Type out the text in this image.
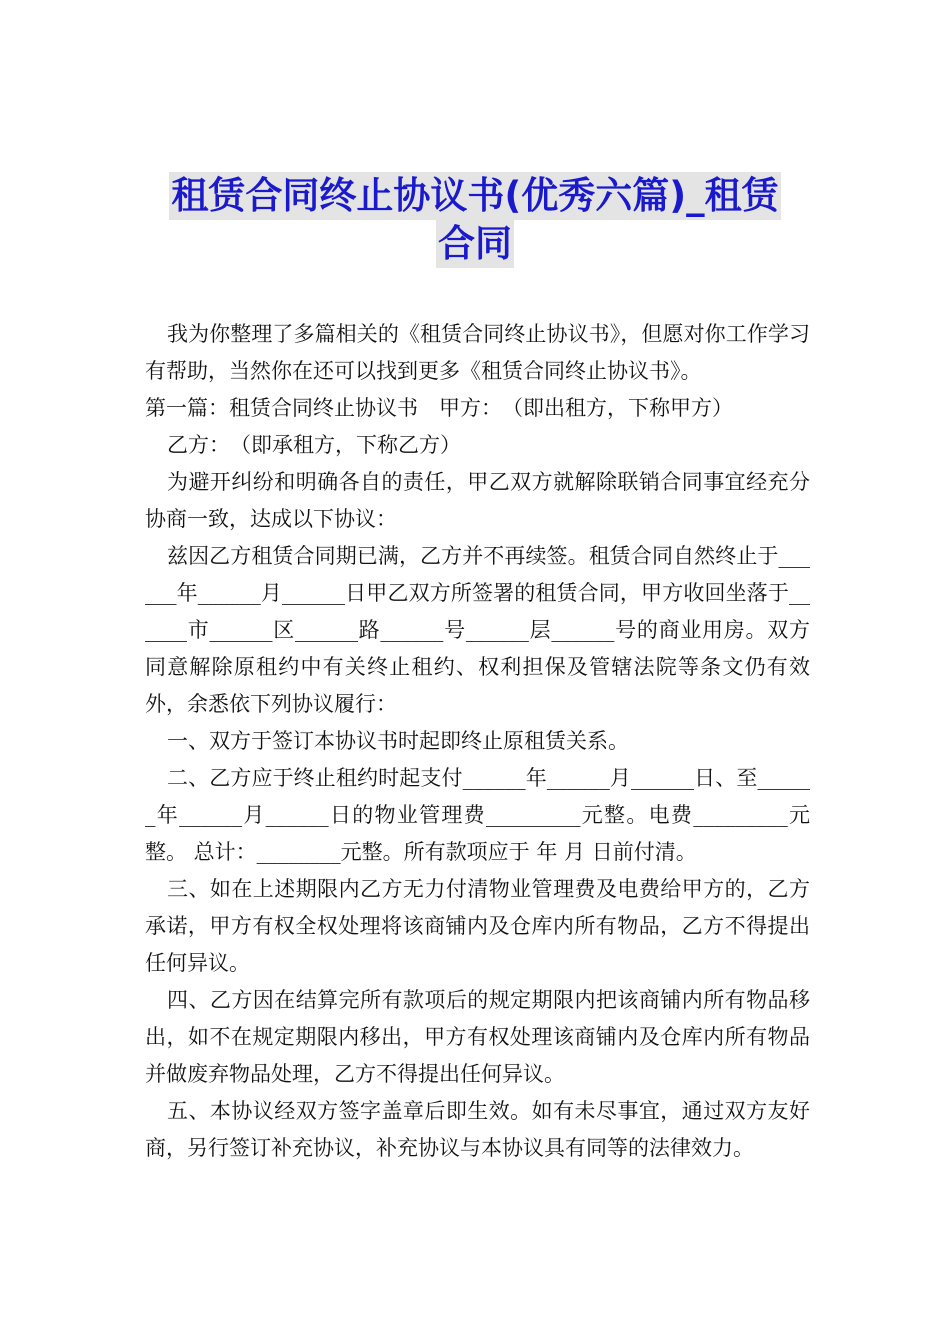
租赁合同终止协议书(优秀六篇)_租赁
合同

我为你整理了多篇相关的《租赁合同终止协议书》，但愿对你工作学习有帮助，当然你在还可以找到更多《租赁合同终止协议书》。

第一篇：租赁合同终止协议书　甲方：　（即出租方，下称甲方）

乙方：　（即承租方，下称乙方）

为避开纠纷和明确各自的责任，甲乙双方就解除联销合同事宜经充分协商一致，达成以下协议：

兹因乙方租赁合同期已满，乙方并不再续签。租赁合同自然终止于______年______月______日甲乙双方所签署的租赁合同，甲方收回坐落于______市______区______路______号______层______号的商业用房。双方同意解除原租约中有关终止租约、权利担保及管辖法院等条文仍有效外，余悉依下列协议履行：

一、双方于签订本协议书时起即终止原租赁关系。

二、乙方应于终止租约时起支付______年______月______日、至______年______月______日的物业管理费_________元整。电费_________元整。 总计：________元整。所有款项应于 年 月 日前付清。

三、如在上述期限内乙方无力付清物业管理费及电费给甲方的，乙方承诺，甲方有权全权处理将该商铺内及仓库内所有物品，乙方不得提出任何异议。

四、乙方因在结算完所有款项后的规定期限内把该商铺内所有物品移出，如不在规定期限内移出，甲方有权处理该商铺内及仓库内所有物品并做废弃物品处理，乙方不得提出任何异议。

五、本协议经双方签字盖章后即生效。如有未尽事宜，通过双方友好商，另行签订补充协议，补充协议与本协议具有同等的法律效力。
